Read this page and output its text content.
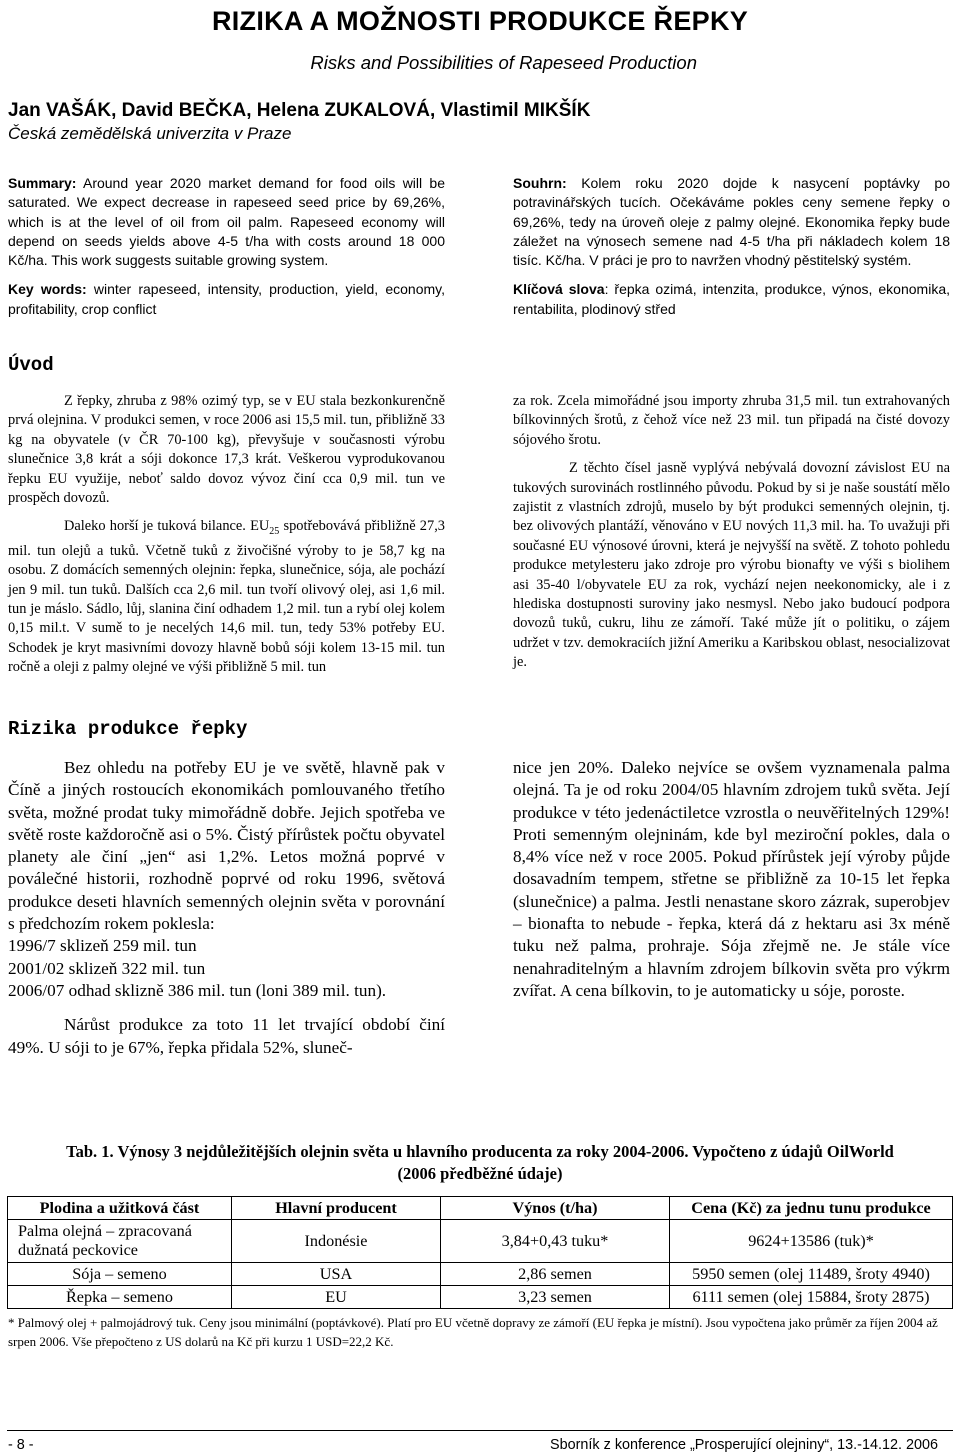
RIZIKA A MOŽNOSTI PRODUKCE ŘEPKY
Risks and Possibilities of Rapeseed Production
Jan VAŠÁK, David BEČKA, Helena ZUKALOVÁ, Vlastimil MIKŠÍK
Česká zemědělská univerzita v Praze

Summary: Around year 2020 market demand for food oils will be saturated. We expect decrease in rapeseed seed price by 69,26%, which is at the level of oil from oil palm. Rapeseed economy will depend on seeds yields above 4-5 t/ha with costs around 18 000 Kč/ha. This work suggests suitable growing system.

Key words: winter rapeseed, intensity, production, yield, economy, profitability, crop conflict

Souhrn: Kolem roku 2020 dojde k nasycení poptávky po potravinářských tucích. Očekáváme pokles ceny semene řepky o 69,26%, tedy na úroveň oleje z palmy olejné. Ekonomika řepky bude záležet na výnosech semene nad 4-5 t/ha při nákladech kolem 18 tisíc. Kč/ha. V práci je pro to navržen vhodný pěstitelský systém.

Klíčová slova: řepka ozimá, intenzita, produkce, výnos, ekonomika, rentabilita, plodinový střed

Úvod

Z řepky, zhruba z 98% ozimý typ, se v EU stala bezkonkurenčně prvá olejnina. V produkci semen, v roce 2006 asi 15,5 mil. tun, přibližně 33 kg na obyvatele (v ČR 70-100 kg), převyšuje v současnosti výrobu slunečnice 3,8 krát a sóji dokonce 17,3 krát. Veškerou vyprodukovanou řepku EU využije, neboť saldo dovoz vývoz činí cca 0,9 mil. tun ve prospěch dovozů.

Daleko horší je tuková bilance. $EU_{25}$ spotřebovává přibližně 27,3 mil. tun olejů a tuků. Včetně tuků z živočišné výroby to je 58,7 kg na osobu. Z domácích semenných olejnin: řepka, slunečnice, sója, ale pochází jen 9 mil. tun tuků. Dalších cca 2,6 mil. tun tvoří olivový olej, asi 1,6 mil. tun je máslo. Sádlo, lůj, slanina činí odhadem 1,2 mil. tun a rybí olej kolem 0,15 mil.t. V sumě to je necelých 14,6 mil. tun, tedy 53% potřeby EU. Schodek je kryt masivními dovozy hlavně bobů sóji kolem 13-15 mil. tun ročně a oleji z palmy olejné ve výši přibližně 5 mil. tun

za rok. Zcela mimořádné jsou importy zhruba 31,5 mil. tun extrahovaných bílkovinných šrotů, z čehož více než 23 mil. tun připadá na čisté dovozy sójového šrotu.

Z těchto čísel jasně vyplývá nebývalá dovozní závislost EU na tukových surovinách rostlinného původu. Pokud by si je naše soustátí mělo zajistit z vlastních zdrojů, muselo by být produkci semenných olejnin, tj. bez olivových plantáží, věnováno v EU nových 11,3 mil. ha. To uvažuji při současné EU výnosové úrovni, která je nejvyšší na světě. Z tohoto pohledu produkce metylesteru jako zdroje pro výrobu bionafty ve výši s biolihem asi 35-40 l/obyvatele EU za rok, vychází nejen neekonomicky, ale i z hlediska dostupnosti suroviny jako nesmysl. Nebo jako budoucí podpora dovozů tuků, cukru, lihu ze zámoří. Také může jít o politiku, o zájem udržet v tzv. demokraciích jižní Ameriku a Karibskou oblast, nesocializovat je.

Rizika produkce řepky

Bez ohledu na potřeby EU je ve světě, hlavně pak v Číně a jiných rostoucích ekonomikách pomlouvaného třetího světa, možné prodat tuky mimořádně dobře. Jejich spotřeba ve světě roste každoročně asi o 5%. Čistý přírůstek počtu obyvatel planety ale činí „jen“ asi 1,2%. Letos možná poprvé v poválečné historii, rozhodně poprvé od roku 1996, světová produkce deseti hlavních semenných olejnin světa v porovnání s předchozím rokem poklesla:

1996/7 sklizeň 259 mil. tun

2001/02 sklizeň 322 mil. tun

2006/07 odhad sklizně 386 mil. tun (loni 389 mil. tun).

Nárůst produkce za toto 11 let trvající období činí 49%. U sóji to je 67%, řepka přidala 52%, sluneč-

nice jen 20%. Daleko nejvíce se ovšem vyznamenala palma olejná. Ta je od roku 2004/05 hlavním zdrojem tuků světa. Její produkce v této jedenáctiletce vzrostla o neuvěřitelných 129%! Proti semenným olejninám, kde byl meziroční pokles, dala o 8,4% více než v roce 2005. Pokud přírůstek její výroby půjde dosavadním tempem, střetne se přibližně za 10-15 let řepka (slunečnice) a palma. Jestli nenastane skoro zázrak, superobjev – bionafta to nebude - řepka, která dá z hektaru asi 3x méně tuku než palma, prohraje. Sója zřejmě ne. Je stále více nenahraditelným a hlavním zdrojem bílkovin světa pro výkrm zvířat. A cena bílkovin, to je automaticky u sóje, poroste.

Tab. 1. Výnosy 3 nejdůležitějších olejnin světa u hlavního producenta za roky 2004-2006. Vypočteno z údajů OilWorld (2006 předběžné údaje)
Plodina a užitková část	Hlavní producent	Výnos (t/ha)	Cena (Kč) za jednu tunu produkce
Palma olejná – zpracovaná dužnatá peckovice	Indonésie	3,84+0,43 tuku*	9624+13586 (tuk)*
Sója – semeno	USA	2,86 semen	5950 semen (olej 11489, šroty 4940)
Řepka – semeno	EU	3,23 semen	6111 semen (olej 15884, šroty 2875)
* Palmový olej + palmojádrový tuk. Ceny jsou minimální (poptávkové). Platí pro EU včetně dopravy ze zámoří (EU řepka je místní). Jsou vypočtena jako průměr za říjen 2004 až srpen 2006. Vše přepočteno z US dolarů na Kč při kurzu 1 USD=22,2 Kč.
- 8 -	Sborník z konference „Prosperující olejniny“, 13.-14.12. 2006
